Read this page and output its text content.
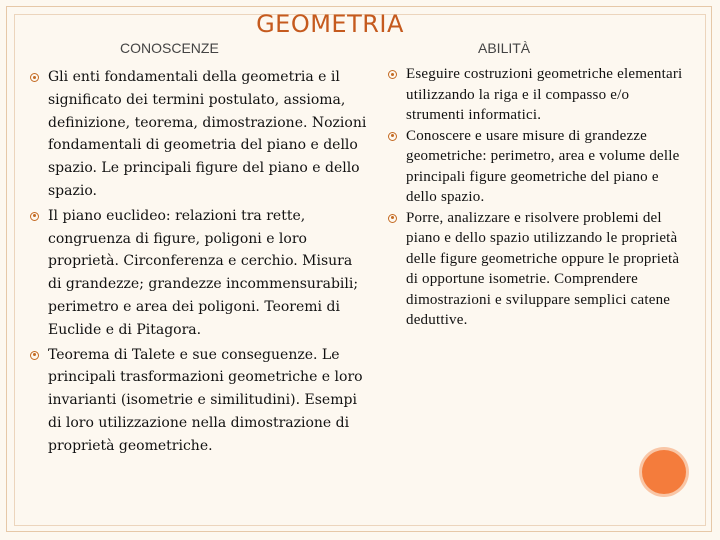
GEOMETRIA
CONOSCENZE	ABILITÀ
Gli enti fondamentali della geometria e il significato dei termini postulato, assioma, definizione, teorema, dimostrazione. Nozioni fondamentali di geometria del piano e dello spazio. Le principali figure del piano e dello spazio.
Il piano euclideo: relazioni tra rette, congruenza di figure, poligoni e loro proprietà. Circonferenza e cerchio. Misura di grandezze; grandezze incommensurabili; perimetro e area dei poligoni. Teoremi di Euclide e di Pitagora.
Teorema di Talete e sue conseguenze. Le principali trasformazioni geometriche e loro invarianti (isometrie e similitudini). Esempi di loro utilizzazione nella dimostrazione di proprietà geometriche.
Eseguire costruzioni geometriche elementari utilizzando la riga e il compasso e/o strumenti informatici.
Conoscere e usare misure di grandezze geometriche: perimetro, area e volume delle principali figure geometriche del piano e dello spazio.
Porre, analizzare e risolvere problemi del piano e dello spazio utilizzando le proprietà delle figure geometriche oppure le proprietà di opportune isometrie. Comprendere dimostrazioni e sviluppare semplici catene deduttive.
